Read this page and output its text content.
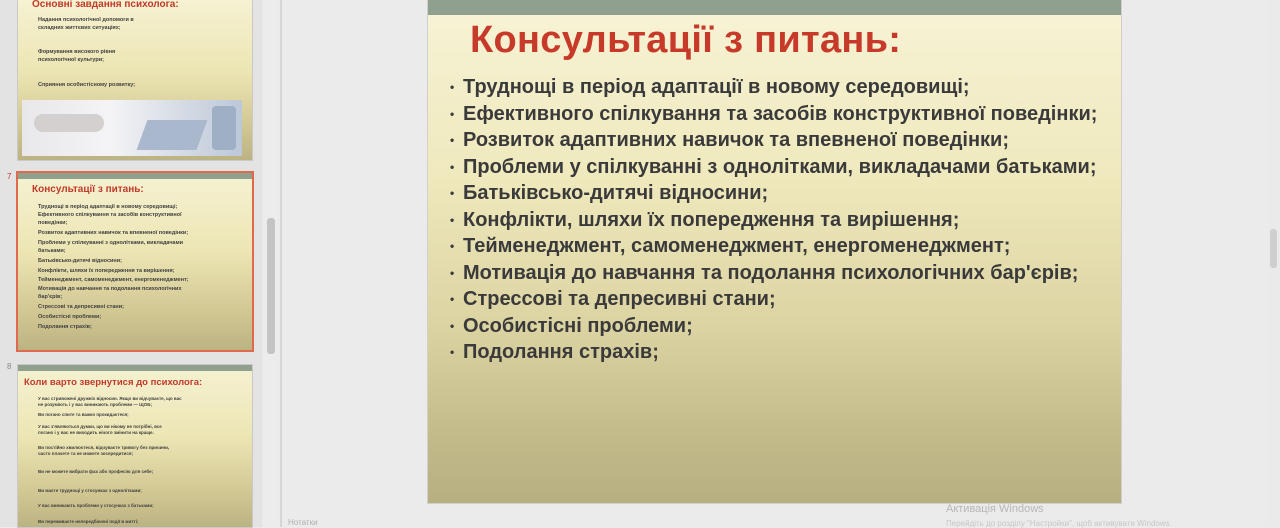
Основні завдання психолога:
Надання психологічної допомоги в
складних життєвих ситуаціях;
Формування високого рівня
психологічної культури;
Сприяння особистісному розвитку;
7
Консультації з питань:
Труднощі в період адаптації в новому середовищі;
Ефективного спілкування та засобів конструктивної
поведінки;
Розвиток адаптивних навичок та впевненої поведінки;
Проблеми у спілкуванні з однолітками, викладачами
батьками;
Батьківсько-дитячі відносини;
Конфлікти, шляхи їх попередження та вирішення;
Тейменеджмент, самоменеджмент, енергоменеджмент;
Мотивація до навчання та подолання психологічних
бар'єрів;
Стрессові та депресивні стани;
Особистісні проблеми;
Подолання страхів;
8
Коли варто звернутися до психолога:
У вас стривожені дружніх відносин. Якщо ви відчуваєте, що вас
не розуміють і у вас виникають проблеми — ЩОБ;
Ви погано спите та важко прокидаєтеся;
У вас з'являються думки, що ви нікому не потрібні, все
погано і у вас не виходить нічого змінити на краще.
Ви постійно хвилюєтеся, відчуваєте тривогу без причини,
часто плачете та не можете зосередитися;
Ви не можете вибрати фах або професію для себе;
Ви маєте труднощі у стосунках з однолітками;
У вас виникають проблеми у стосунках з батьками;
Ви переживаєте непередбачені події в житті;
Консультації з питань:
• Труднощі в період адаптації в новому середовищі;
• Ефективного спілкування та засобів конструктивної поведінки;
• Розвиток адаптивних навичок та впевненої поведінки;
• Проблеми у спілкуванні з однолітками, викладачами батьками;
• Батьківсько-дитячі відносини;
• Конфлікти, шляхи їх попередження та вирішення;
• Тейменеджмент, самоменеджмент, енергоменеджмент;
• Мотивація до навчання та подолання психологічних бар'єрів;
• Стрессові та депресивні стани;
• Особистісні проблеми;
• Подолання страхів;
Нотатки
Активація Windows
Перейдіть до розділу "Настройки", щоб активувати Windows.
